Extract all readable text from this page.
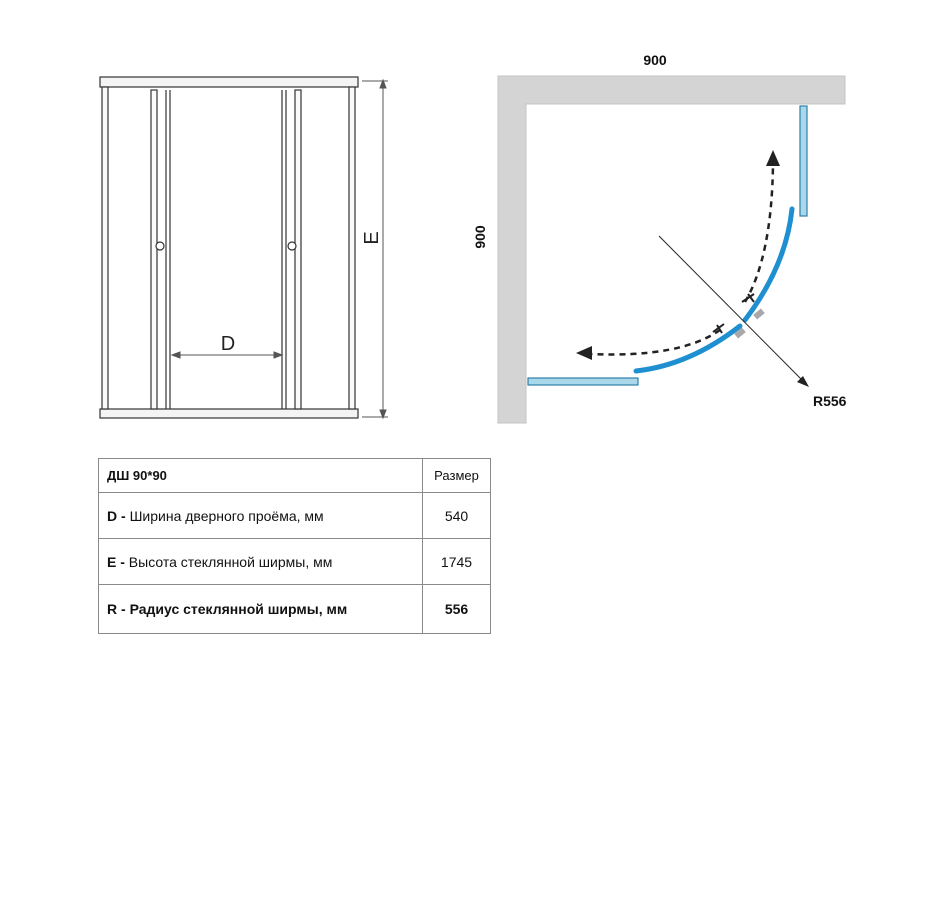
D
E
900
900
R556
ДШ 90*90	Размер
D - Ширина дверного проёма, мм	540
E - Высота стеклянной ширмы, мм	1745
R - Радиус стеклянной ширмы, мм	556
